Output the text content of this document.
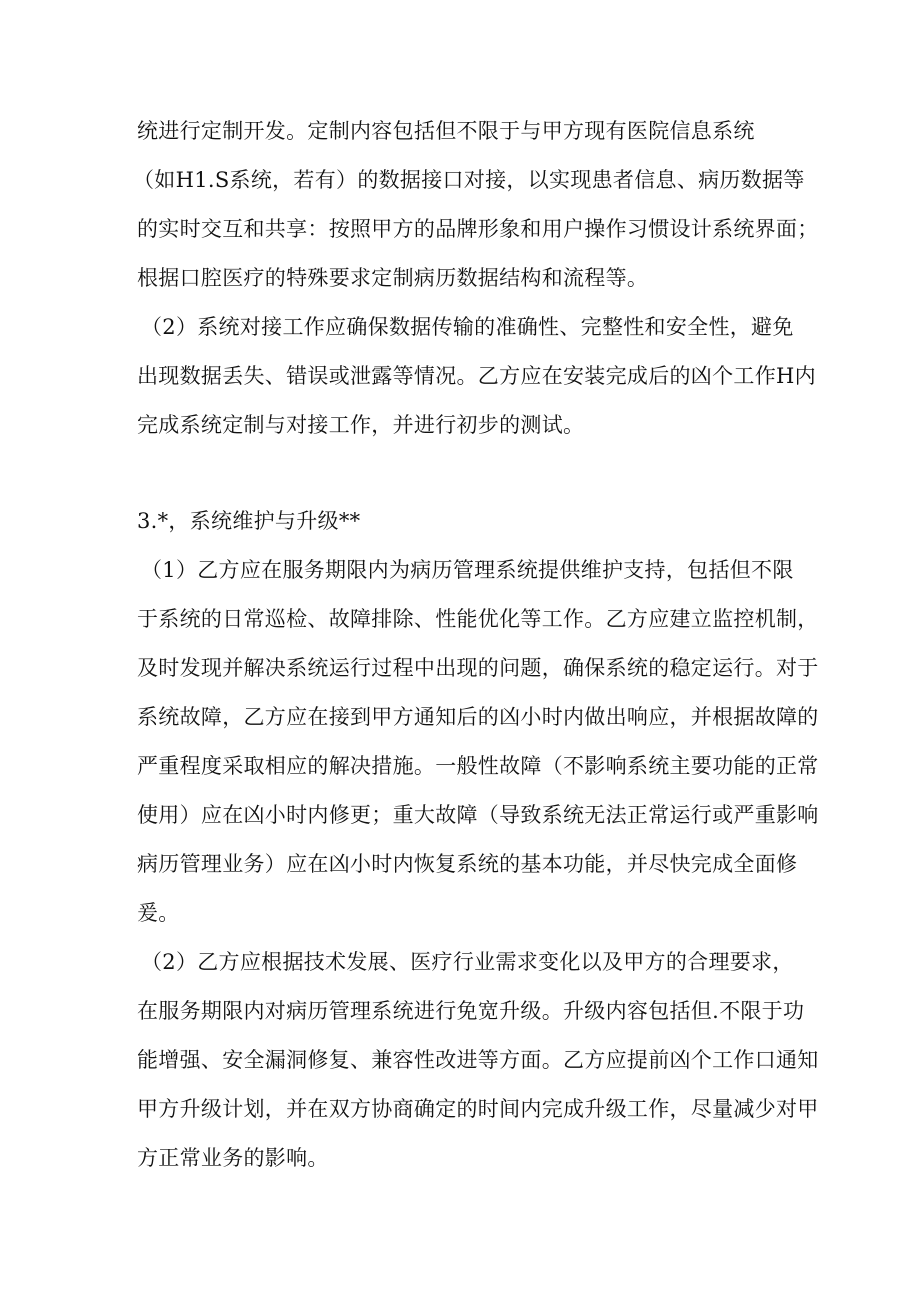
统进行定制开发。定制内容包括但不限于与甲方现有医院信息系统
（如H1.S系统，若有）的数据接口对接，以实现患者信息、病历数据等
的实时交互和共享：按照甲方的品牌形象和用户操作习惯设计系统界面；
根据口腔医疗的特殊要求定制病历数据结构和流程等。
（2）系统对接工作应确保数据传输的准确性、完整性和安全性，避免
出现数据丢失、错误或泄露等情况。乙方应在安装完成后的凶个工作H内
完成系统定制与对接工作，并进行初步的测试。
3.*，系统维护与升级**
（1）乙方应在服务期限内为病历管理系统提供维护支持，包括但不限
于系统的日常巡检、故障排除、性能优化等工作。乙方应建立监控机制，
及时发现并解决系统运行过程中出现的问题，确保系统的稳定运行。对于
系统故障，乙方应在接到甲方通知后的凶小时内做出响应，并根据故障的
严重程度采取相应的解决措施。一般性故障（不影响系统主要功能的正常
使用）应在凶小时内修更；重大故障（导致系统无法正常运行或严重影响
病历管理业务）应在凶小时内恢复系统的基本功能，并尽快完成全面修
爰。
（2）乙方应根据技术发展、医疗行业需求变化以及甲方的合理要求，
在服务期限内对病历管理系统进行免宽升级。升级内容包括但.不限于功
能增强、安全漏洞修复、兼容性改进等方面。乙方应提前凶个工作口通知
甲方升级计划，并在双方协商确定的时间内完成升级工作，尽量减少对甲
方正常业务的影响。
